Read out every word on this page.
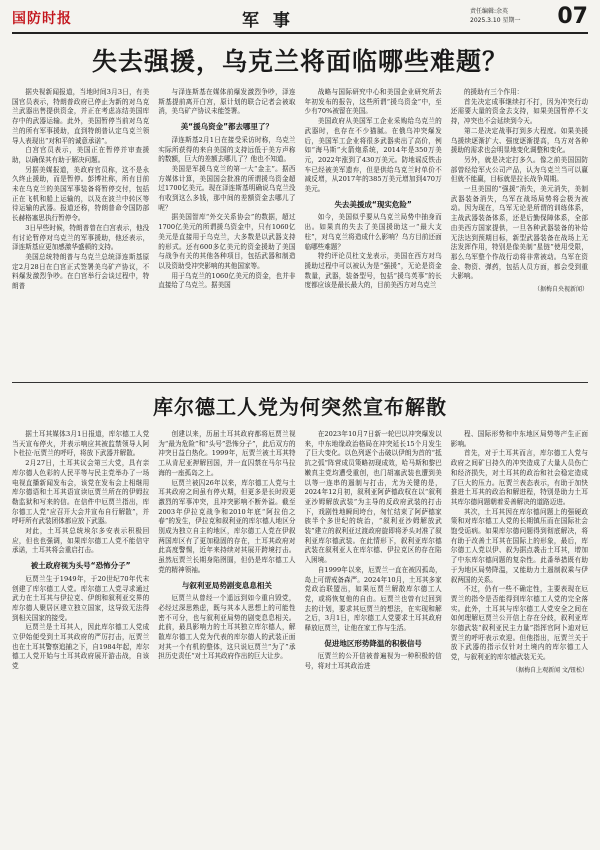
国防时报	军 事	责任编辑:余英
2025.3.10 星期一	07
失去强援，乌克兰将面临哪些难题？

据央视新闻报道，当地时间3月3日，有美国官员表示，特朗普政府已停止为新的对乌克兰武器出售提供资金，并正在考虑冻结美国库存中的武器运输。此外，美国暂停当前对乌克兰的所有军事援助，直到特朗普认定乌克兰领导人表现出“对和平的诚意承诺”。

白宫官员表示，美国正在暂停并审查援助，以确保其有助于解决问题。

另据美媒报道，美政府官员称，这不是永久终止援助，而是暂停。彭博社称，所有目前未在乌克兰的美国军事装备将暂停交付，包括正在飞机和船上运输的，以及在波兰中转区等待运输的武器。报道还称，特朗普命令国防部长赫格塞思执行暂停令。

3日早些时候，特朗普曾在白宫表示，他没有讨论暂停对乌克兰的军事援助，他还表示，泽连斯基应更加感激华盛顿的支持。

美国总统特朗普与乌克兰总统泽连斯基原定2月28日在白宫正式签署美乌矿产协议，不料爆发激烈争吵。在白宫举行会谈过程中，特朗普

与泽连斯基在媒体前爆发激烈争吵，泽连斯基提前离开白宫，原计划的联合记者会被取消，美乌矿产协议未能签署。

美“援乌资金”都去哪里了？

泽连斯基2月1日在接受采访时称，乌克兰实际所获得的来自美国的支持远低于美方声称的数额，巨大的差额去哪儿了？他也不知道。

美国是军援乌克兰的第一大“金主”。据西方媒体计算，美国国会批准的所谓援乌资金超过1700亿美元。现在泽连斯基明确说乌克兰没有收到这么多钱，那中间的差额资金去哪儿了呢？

据美国智库“外交关系协会”的数据，超过1700亿美元的所谓援乌资金中，只有1060亿美元是直接用于乌克兰，大多数是以武器支持的形式。还有600多亿美元的资金援助了美国与战争有关的其他各种项目，包括武器和制造以及资助受冲突影响的其他国家等。

用于乌克兰的1060亿美元的资金，也并非直接给了乌克兰。据美国

战略与国际研究中心和美国企业研究所去年初发布的报告，这些所谓“援乌资金”中，至少有70%被留在美国。

美国政府从美国军工企业采购给乌克兰的武器时，也存在不少猫腻。在俄乌冲突爆发后，美国军工企业将很多武器卖出了高价，例如“海马斯”火箭炮系统，2014年是350万美元，2022年涨到了430万美元。防地谣反铁击车已经被美军遗弃，但是供给乌克兰时单价不减反增，从2017年的385万美元增加到470万美元。

失去美援成“现实危险”

如今，美国似乎要从乌克兰局势中抽身而出。如果真的失去了美国援助这一“最大支柱”，对乌克兰将造成什么影响？乌方目前还面临哪些难题？

特约评论员杜文龙表示，美国在西方对乌援助过程中可以被认为是“强援”，无论是资金数量，武器，装备型号，包括“援乌英事”的长度都应该是最长最大的，目前美西方对乌克兰

的援助有三个作用：

首先决定成事继续打不打，因为冲突行动还需要大量的资金去支持，如果美国暂停不支持，冲突也不会延续到今天。

第二是决定战事打到多大程度。如果美援乌援续逐渐扩大、强度逐渐提高，乌方对各种援助的需求也会明显地变化调整和变化。

另外，就是决定打多久。像之前美国国防部曾经给军火公司产品，认为乌克兰当可以赢但就不能赢，目标就是拉长战争周期。

一旦美国的“强援”消失，美元消失，美制武器装备消失，乌军在战场局势将会极为被动。因为现在，乌军无论是所谓的训练体系，主战武器装备体系，还是后勤保障体系，全部由美西方国家提供，一旦各种武器装备的补给无法达到预期目标，新型武器装备在战场上无法发挥作用，特别是像美制“星链”使用受限，那么乌军整个作战行动将非常被动。乌军在资金、物资、弹药，包括人员方面，都会受到重大影响。

（据梅自央视新闻）
库尔德工人党为何突然宣布解散

据土耳其媒体3月1日报道，库尔德工人党当天宣布停火，并表示响应其被监禁领导人阿卜杜拉·厄贾兰的呼吁，将放下武器并解散。

2月27日，土耳其议会第三大党，具有亲库尔德人色彩的人民平等与民主党举办了一场电视直播新闻发布会，该党在发布会上相继用库尔德语和土耳其语宣读厄贾兰所在的伊姆拉勒监狱和写来的信。在信件中厄贾兰指出，库尔德工人党“应召开大会并宣布自行解散”，并呼吁所有武装团体都应放下武器。

对此，土耳其总统埃尔多安表示积极回应，但也也强调，如果库尔德工人党不能信守承诺，土耳其将会重启打击。

被土政府视为头号“恐怖分子”

厄贾兰生于1949年，于20世纪70年代末创建了库尔德工人党。库尔德工人党寻求通过武力在土耳其与伊拉克、伊朗和叙利亚交界的库尔德人聚居区建立独立国家，这导致无法得到相关国家的接受。

厄贾兰是土耳其人，因此库尔德工人党成立伊始便受到土耳其政府的严厉打击，厄贾兰也在土耳其警察追捕之下，自1984年起，库尔德工人党开始与土耳其政府展开游击战，自该党

创建以来，历届土耳其政府都将厄贾兰视为“最为危险”和“头号”恐怖分子”，此后双方的冲突日益白热化。1999年，厄贾兰被土耳其特工从肯尼亚押解回国，并一直囚禁在马尔马拉海的一座孤岛之上。

厄贾兰被囚26年以来，库尔德工人党与土耳其政府之间虽有停火期，但更多是长时段更激烈的军事冲突，且冲突影响不断外溢。截至2003年伊拉克战争和2010年底“阿拉伯之春”的发生，伊拉克和叙利亚的库尔德人地区分别成为独立自主的地区，库尔德工人党在伊叙两国库区有了更加稳固的存在，土耳其政府对此高度警惕，近年来持续对其展开跨境打击。虽然厄贾兰长期身陷囹圄，但仍是库尔德工人党的精神领袖。

与叙利亚局势剧变息息相关

厄贾兰从曾经一个遥远到如今重自毁党，必经过深思熟虑，既与其本人思想上的可能性密不可分，也与叙利亚局势的剧变息息相关。此前，最具影响力的土耳其独立库尔德人，解散库尔德工人党为代表的库尔德人的武装正面对其一个有机的整体，这只说厄贾兰“为了”承担历史责任“对土耳其政府作出的巨大让步。

在2023年10月7日新一轮巴以冲突爆发以来，中东地缘政治格局在冲突延长15个月发生了巨大变化。以色列逐个击破以伊朗为首的“抵抗之弧”阵营成员策略初现成效，哈马斯和黎巴嫩真主党均遭受重创，也门胡塞武装也遭到美以等一连串的遏制与打击，尤为关键的是，2024年12月初，叙利亚阿萨德政权在以“叙利亚沙姆解放武装”为主导的反政府武装的打击下，戏剧性地瞬间垮台，匆忙结束了阿萨德家族半个多世纪的统治，“叙利亚沙姆解放武装”建立的叙利亚过渡政府旋即将矛头对准了叙利亚库尔德武装。在此情形下，叙利亚库尔德武装在叙利亚人在库尔德、伊拉克区的存在陷入困境。

自1999年以来，厄贾兰一直在被囚孤岛，岛上可谓戒备森严。2024年10月，土耳其多家党政治联盟出，如果厄贾兰解散库尔德工人党，或将恢复他的自由。厄贾兰也曾有过回到去的计划，要求其厄贾兰的想法，在实现和解之后，3月1日，库尔德工人党要求土耳其政府释放厄贾兰，让他在家工作与生活。

促进地区形势降温的积极信号

厄贾兰的公开信被普遍视为一种积极的信号，将对土耳其政治进

程、国际形势和中东地区局势等产生正面影响。

首先，对于土耳其而言，库尔德工人党与政府之间矿日持久的冲突造成了大量人员伤亡和经济损失，对土耳其的政治和社会稳定造成了巨大的压力。厄贾兰表态表示，有助于加快推进土耳其的政治和解进程，特别是助力土耳其库尔德问题朝着妥善解决的道路迈进。

其次，土耳其因在库尔德问题上的强硬政策和对库尔德工人党的长期镇压而在国际社会饱受诟病。如果库尔德问题得到彻底解决，将有助于改善土耳其在国际上的形象，最后，库尔德工人党以伊、叙为据点袭击土耳其，增加了中东库尔德问题的复杂性。此番举措既有助于为地区局势降温，又能助力土遏制叙乘与伊叙两国的关系。

不过，仍有一些不确定性，主要表现在厄贾兰的指令是否能得到库尔德工人党的完全落实。此外，土耳其与库尔德工人党安全之间在如何理解厄贾兰公开信上存在分歧，叙利亚库尔德武装“叙利亚民主力量”指挥官阿卜迪对厄贾兰的呼吁表示欢迎。但他指出，厄贾兰关于放下武器的指示仅针对土境内的库尔德工人党，与叙利亚的库尔德武装无关。

（据梅自上观新闻 文/钮松）
